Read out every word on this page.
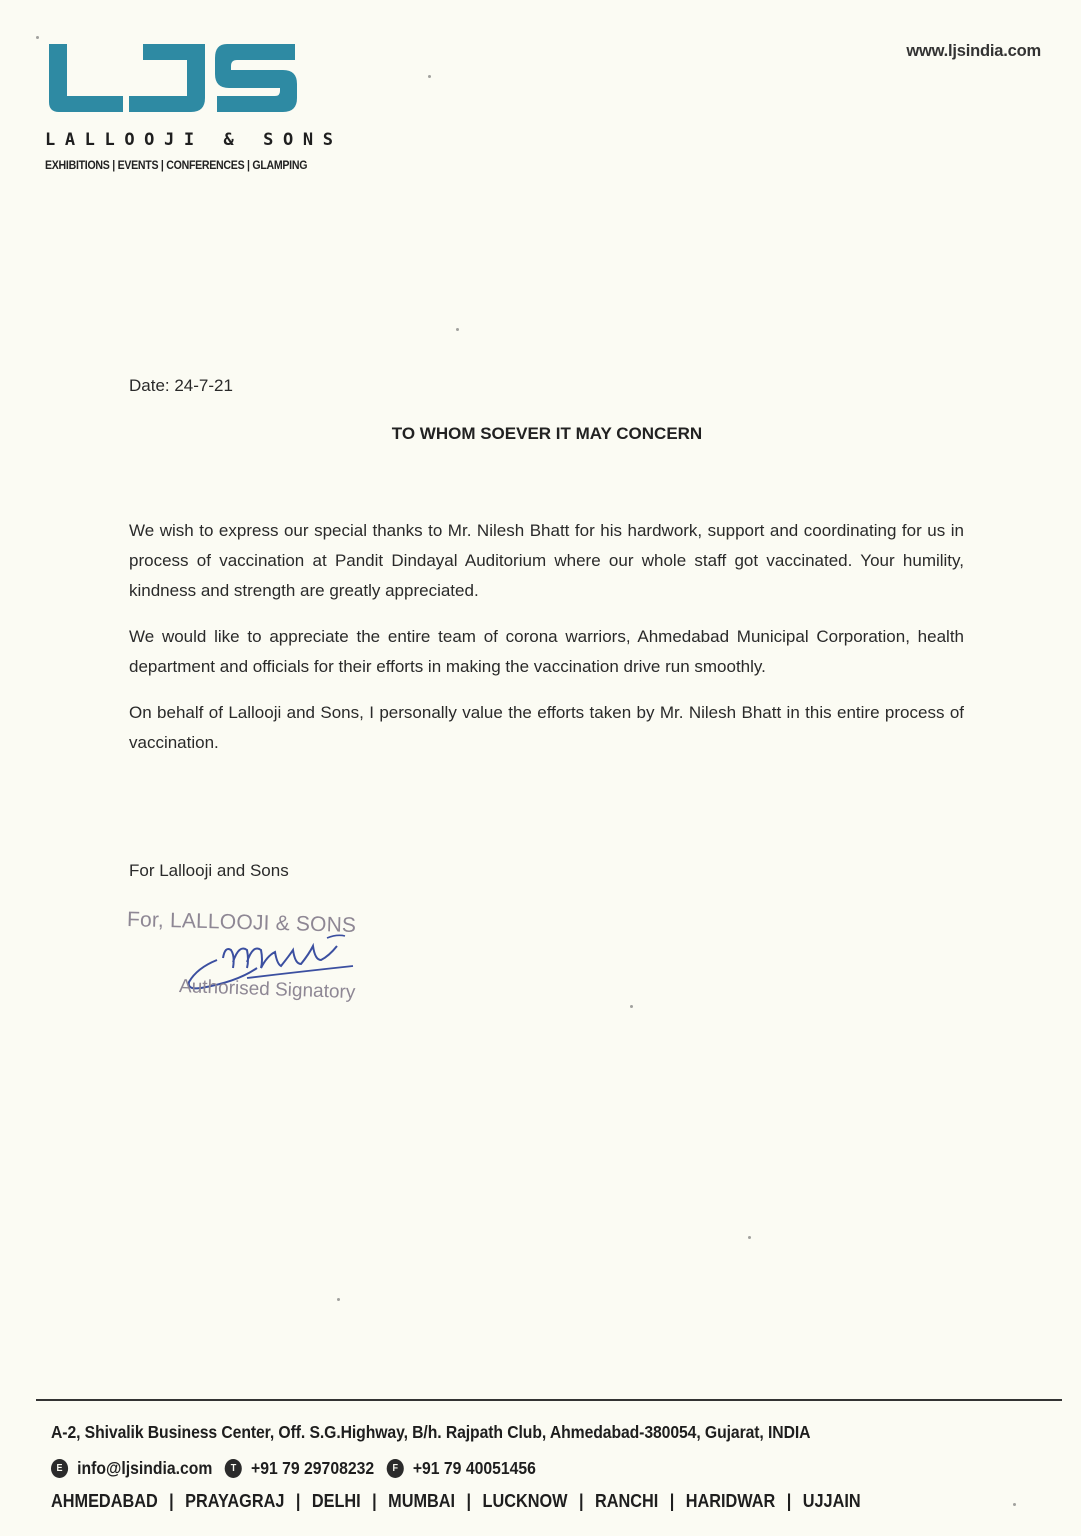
LALLOOJI & SONS
EXHIBITIONS | EVENTS | CONFERENCES | GLAMPING
www.ljsindia.com
Date: 24-7-21
TO WHOM SOEVER IT MAY CONCERN

We wish to express our special thanks to Mr. Nilesh Bhatt for his hardwork, support and coordinating for us in process of vaccination at Pandit Dindayal Auditorium where our whole staff got vaccinated. Your humility, kindness and strength are greatly appreciated.

We would like to appreciate the entire team of corona warriors, Ahmedabad Municipal Corporation, health department and officials for their efforts in making the vaccination drive run smoothly.

On behalf of Lallooji and Sons, I personally value the efforts taken by Mr. Nilesh Bhatt in this entire process of vaccination.

For Lallooji and Sons
For, LALLOOJI & SONS
Authorised Signatory
A-2, Shivalik Business Center, Off. S.G.Highway, B/h. Rajpath Club, Ahmedabad-380054, Gujarat, INDIA
E info@ljsindia.com	T +91 79 29708232	F +91 79 40051456
AHMEDABAD | PRAYAGRAJ | DELHI | MUMBAI | LUCKNOW | RANCHI | HARIDWAR | UJJAIN
